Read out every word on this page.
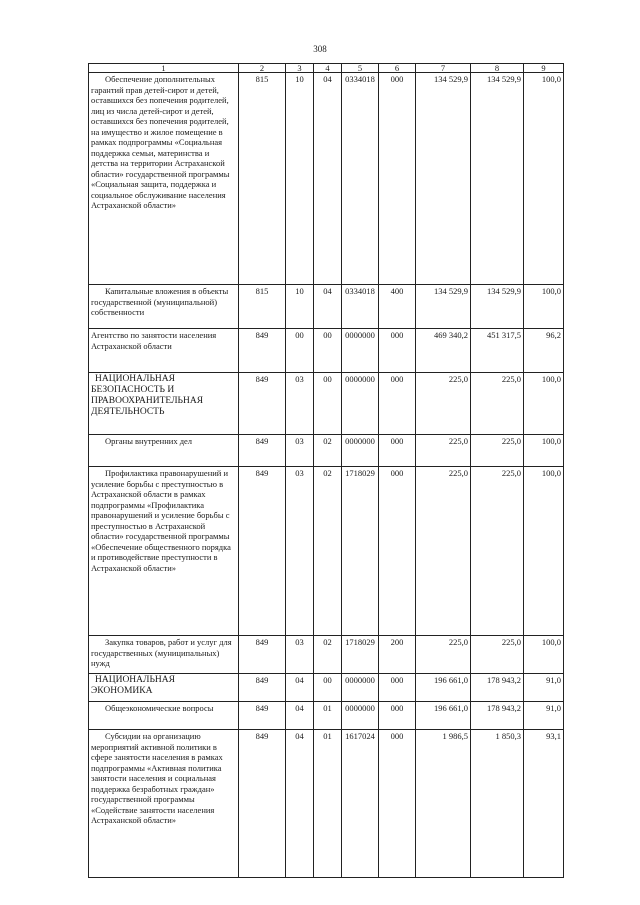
308
1	2	3	4	5	6	7	8	9
Обеспечение дополнительных гарантий прав детей-сирот и детей, оставшихся без попечения родителей, лиц из числа детей-сирот и детей, оставшихся без попечения родителей, на имущество и жилое помещение в рамках подпрограммы «Социальная поддержка семьи, материнства и детства на территории Астраханской области» государственной программы «Социальная защита, поддержка и социальное обслуживание населения Астраханской области»	815	10	04	0334018	000	134 529,9	134 529,9	100,0
Капитальные вложения в объекты государственной (муниципальной) собственности	815	10	04	0334018	400	134 529,9	134 529,9	100,0
Агентство по занятости населения Астраханской области	849	00	00	0000000	000	469 340,2	451 317,5	96,2
НАЦИОНАЛЬНАЯ БЕЗОПАСНОСТЬ И ПРАВООХРАНИТЕЛЬНАЯ ДЕЯТЕЛЬНОСТЬ	849	03	00	0000000	000	225,0	225,0	100,0
Органы внутренних дел	849	03	02	0000000	000	225,0	225,0	100,0
Профилактика правонарушений и усиление борьбы с преступностью в Астраханской области в рамках подпрограммы «Профилактика правонарушений и усиление борьбы с преступностью в Астраханской области» государственной программы «Обеспечение общественного порядка и противодействие преступности в Астраханской области»	849	03	02	1718029	000	225,0	225,0	100,0
Закупка товаров, работ и услуг для государственных (муниципальных) нужд	849	03	02	1718029	200	225,0	225,0	100,0
НАЦИОНАЛЬНАЯ ЭКОНОМИКА	849	04	00	0000000	000	196 661,0	178 943,2	91,0
Общеэкономические вопросы	849	04	01	0000000	000	196 661,0	178 943,2	91,0
Субсидии на организацию мероприятий активной политики в сфере занятости населения в рамках подпрограммы «Активная политика занятости населения и социальная поддержка безработных граждан» государственной программы «Содействие занятости населения Астраханской области»	849	04	01	1617024	000	1 986,5	1 850,3	93,1
